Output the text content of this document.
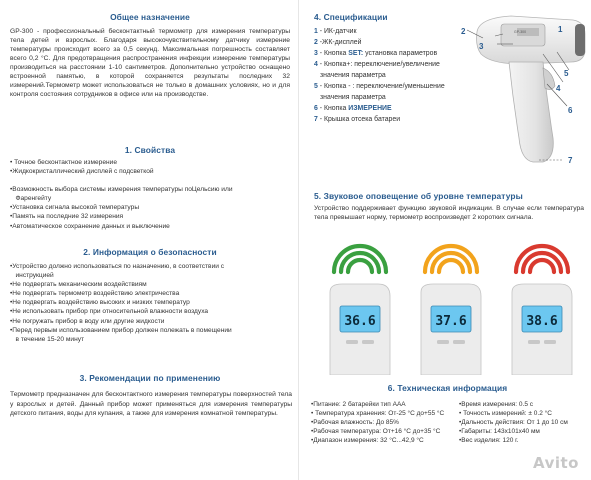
Общее назначение

GP-300 - профессиональный бесконтактный термометр для измерения температуры тела детей и взрослых. Благодаря высокочувствительному датчику измерение температуры происходит всего за 0,5 секунд. Максимальная погрешность составляет всего 0,2 °С. Для предотвращения распространения инфекции измерение температуры производиться на расстоянии 1-10 сантиметров. Дополнительно устройство оснащено встроенной памятью, в которой сохраняется результаты последних 32 измерений.Термометр может использоваться не только в домашних условиях, но и для контроля состояния сотрудников в офисе или на производстве.

1. Свойства
• Точное бесконтактное измерение
•Жидкокристаллический дисплей с подсветкой
•Возможность выбора системы измерения температуры поЦельсию или
Фаренгейту
•Установка сигнала высокой температуры
•Память на последние 32 измерения
•Автоматическое сохранение данных и выключение
2. Информация о безопасности
•Устройство должно использоваться по назначению, в соответствии с
инструкцией
•Не подвергать механическим воздействиям
•Не подвергать термометр воздействию электричества
•Не подвергать воздействию высоких и низких температур
•Не использовать прибор при относительной влажности воздуха
•Не погружать прибор в воду или другие жидкости
•Перед первым использованием прибор должен полежать в помещении
в течение 15-20 минут
3. Рекомендации по применению

Термометр предназначен для бесконтактного измерения температуры поверхностей тела у взрослых и детей. Данный прибор может применяться для измерения температуры детского питания, воды для купания, а также для измерения комнатной температуры.

4. Спецификации
1 - ИК-датчик
2 -ЖК-дисплей
3 - Кнопка SET: установка параметров
4 - Кнопка+: переключение/увеличение
значения параметра
5 - Кнопка - : переключение/уменьшение
значения параметра
6 - Кнопка ИЗМЕРЕНИЕ
7 - Крышка отсека батареи
2
3
1
5
4
6
7
GP-300
5. Звуковое оповещение об уровне температуры

Устройство поддерживает функцию звуковой индикации. В случае если температура тела превышает норму, термометр воспроизведет 2 коротких сигнала.

36.6	37.6	38.6
6. Техническая информация
•Питание: 2 батарейки тип ААА
• Температура хранения: От-25 °С до+55 °С
•Рабочая влажность: До 85%
•Рабочая температура: От+16 °С до+35 °С
•Диапазон измерения: 32 °С...42,9 °С
•Время измерения: 0.5 с
• Точность измерений: ± 0.2 °С
•Дальность действия: От 1 до 10 см
•Габариты: 143х101х40 мм
•Вес изделия: 120 г.
Avito
